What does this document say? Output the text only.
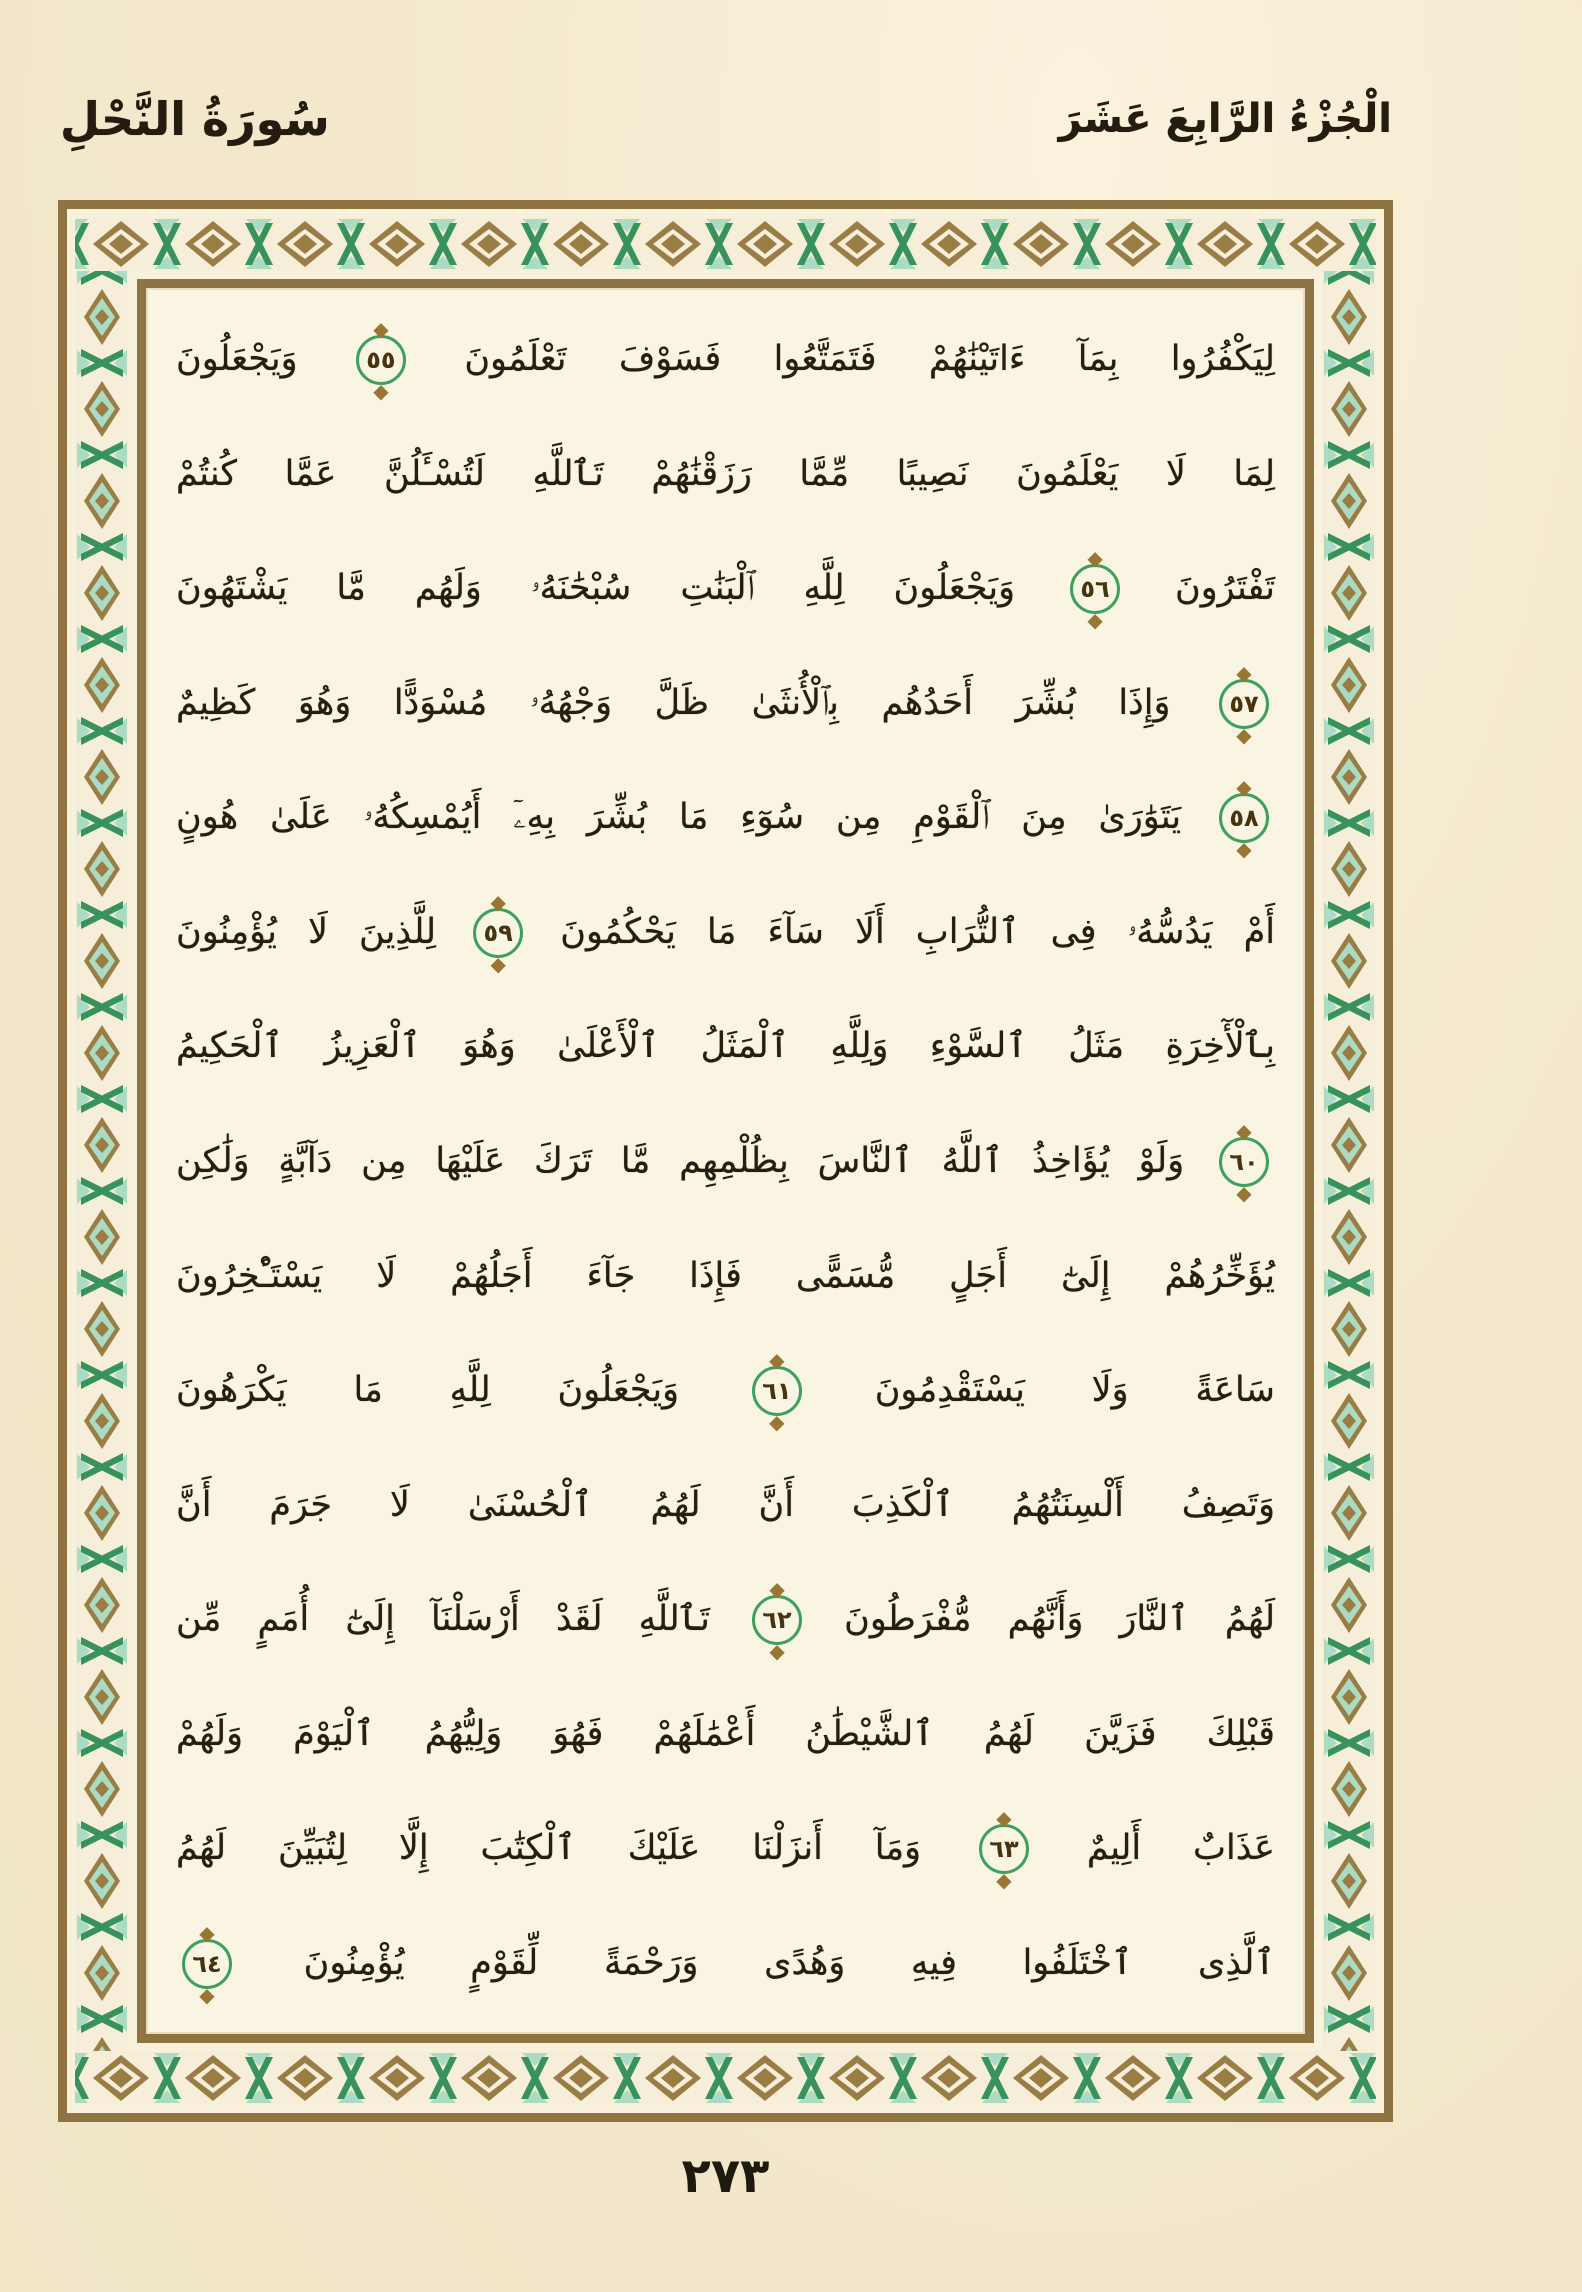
سُورَةُ النَّحْلِ	الْجُزْءُ الرَّابِعَ عَشَرَ
لِيَكْفُرُوا بِمَآ ءَاتَيْنَٰهُمْ فَتَمَتَّعُوا فَسَوْفَ تَعْلَمُونَ
◆
٥٥
◆
وَيَجْعَلُونَ
لِمَا لَا يَعْلَمُونَ نَصِيبًا مِّمَّا رَزَقْنَٰهُمْ تَٱللَّهِ لَتُسْـَٔلُنَّ عَمَّا كُنتُمْ
تَفْتَرُونَ
◆
٥٦
◆
وَيَجْعَلُونَ لِلَّهِ ٱلْبَنَٰتِ سُبْحَٰنَهُۥ وَلَهُم مَّا يَشْتَهُونَ
◆
٥٧
◆
وَإِذَا بُشِّرَ أَحَدُهُم بِٱلْأُنثَىٰ ظَلَّ وَجْهُهُۥ مُسْوَدًّا وَهُوَ كَظِيمٌ
◆
٥٨
◆
يَتَوَٰرَىٰ مِنَ ٱلْقَوْمِ مِن سُوٓءِ مَا بُشِّرَ بِهِۦٓ أَيُمْسِكُهُۥ عَلَىٰ هُونٍ
أَمْ يَدُسُّهُۥ فِى ٱلتُّرَابِ أَلَا سَآءَ مَا يَحْكُمُونَ
◆
٥٩
◆
لِلَّذِينَ لَا يُؤْمِنُونَ
بِٱلْأٓخِرَةِ مَثَلُ ٱلسَّوْءِ وَلِلَّهِ ٱلْمَثَلُ ٱلْأَعْلَىٰ وَهُوَ ٱلْعَزِيزُ ٱلْحَكِيمُ
◆
٦٠
◆
وَلَوْ يُؤَاخِذُ ٱللَّهُ ٱلنَّاسَ بِظُلْمِهِم مَّا تَرَكَ عَلَيْهَا مِن دَآبَّةٍ وَلَٰكِن
يُؤَخِّرُهُمْ إِلَىٰٓ أَجَلٍ مُّسَمًّى فَإِذَا جَآءَ أَجَلُهُمْ لَا يَسْتَـْٔخِرُونَ
سَاعَةً وَلَا يَسْتَقْدِمُونَ
◆
٦١
◆
وَيَجْعَلُونَ لِلَّهِ مَا يَكْرَهُونَ
وَتَصِفُ أَلْسِنَتُهُمُ ٱلْكَذِبَ أَنَّ لَهُمُ ٱلْحُسْنَىٰ لَا جَرَمَ أَنَّ
لَهُمُ ٱلنَّارَ وَأَنَّهُم مُّفْرَطُونَ
◆
٦٢
◆
تَٱللَّهِ لَقَدْ أَرْسَلْنَآ إِلَىٰٓ أُمَمٍ مِّن
قَبْلِكَ فَزَيَّنَ لَهُمُ ٱلشَّيْطَٰنُ أَعْمَٰلَهُمْ فَهُوَ وَلِيُّهُمُ ٱلْيَوْمَ وَلَهُمْ
عَذَابٌ أَلِيمٌ
◆
٦٣
◆
وَمَآ أَنزَلْنَا عَلَيْكَ ٱلْكِتَٰبَ إِلَّا لِتُبَيِّنَ لَهُمُ
ٱلَّذِى ٱخْتَلَفُوا فِيهِ وَهُدًى وَرَحْمَةً لِّقَوْمٍ يُؤْمِنُونَ
◆
٦٤
◆
٢٧٣
